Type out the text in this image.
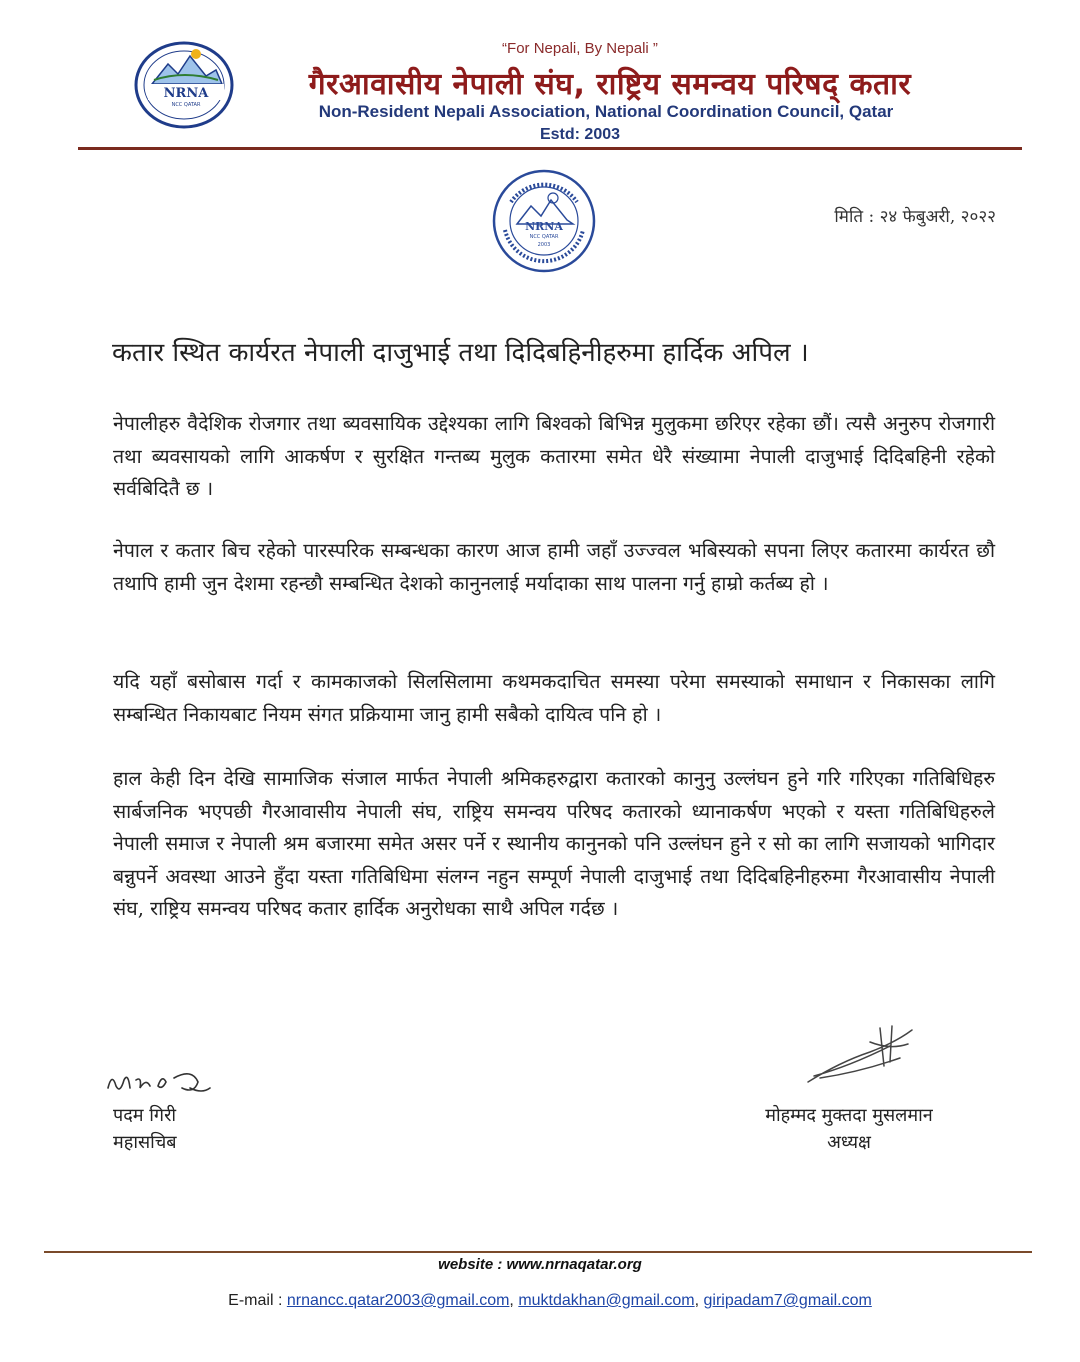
NRNA
NCC QATAR
“For Nepali, By Nepali ”
गैरआवासीय नेपाली संघ, राष्ट्रिय समन्वय परिषद् कतार
Non-Resident Nepali Association, National Coordination Council, Qatar
Estd: 2003
NRNA
NCC QATAR
2003
मिति : २४ फेबुअरी, २०२२
कतार स्थित कार्यरत नेपाली दाजुभाई तथा दिदिबहिनीहरुमा हार्दिक अपिल ।
नेपालीहरु वैदेशिक रोजगार तथा ब्यवसायिक उद्देश्यका लागि बिश्वको बिभिन्न मुलुकमा छरिएर रहेका छौं। त्यसै अनुरुप रोजगारी तथा ब्यवसायको लागि आकर्षण र सुरक्षित गन्तब्य मुलुक कतारमा समेत धेरै संख्यामा नेपाली दाजुभाई दिदिबहिनी रहेको सर्वबिदितै छ ।
नेपाल र कतार बिच रहेको पारस्परिक सम्बन्धका कारण आज हामी जहाँ उज्ज्वल भबिस्यको सपना लिएर कतारमा कार्यरत छौ तथापि हामी जुन देशमा रहन्छौ सम्बन्धित देशको कानुनलाई मर्यादाका साथ पालना गर्नु हाम्रो कर्तब्य हो ।
यदि यहाँ बसोबास गर्दा र कामकाजको सिलसिलामा कथमकदाचित समस्या परेमा समस्याको समाधान र निकासका लागि सम्बन्धित निकायबाट नियम संगत प्रक्रियामा जानु हामी सबैको दायित्व पनि हो ।
हाल केही दिन देखि सामाजिक संजाल मार्फत नेपाली श्रमिकहरुद्वारा कतारको कानुनु उल्लंघन हुने गरि गरिएका गतिबिधिहरु सार्बजनिक भएपछी गैरआवासीय नेपाली संघ, राष्ट्रिय समन्वय परिषद कतारको ध्यानाकर्षण भएको र यस्ता गतिबिधिहरुले नेपाली समाज र नेपाली श्रम बजारमा समेत असर पर्ने र स्थानीय कानुनको पनि उल्लंघन हुने र सो का लागि सजायको भागिदार बन्नुपर्ने अवस्था आउने हुँदा यस्ता गतिबिधिमा संलग्न नहुन सम्पूर्ण नेपाली दाजुभाई तथा दिदिबहिनीहरुमा गैरआवासीय नेपाली संघ, राष्ट्रिय समन्वय परिषद कतार हार्दिक अनुरोधका साथै अपिल गर्दछ ।
पदम गिरी
महासचिब
मोहम्मद मुक्तदा मुसलमान
अध्यक्ष
website : www.nrnaqatar.org
E-mail : nrnancc.qatar2003@gmail.com, muktdakhan@gmail.com, giripadam7@gmail.com
